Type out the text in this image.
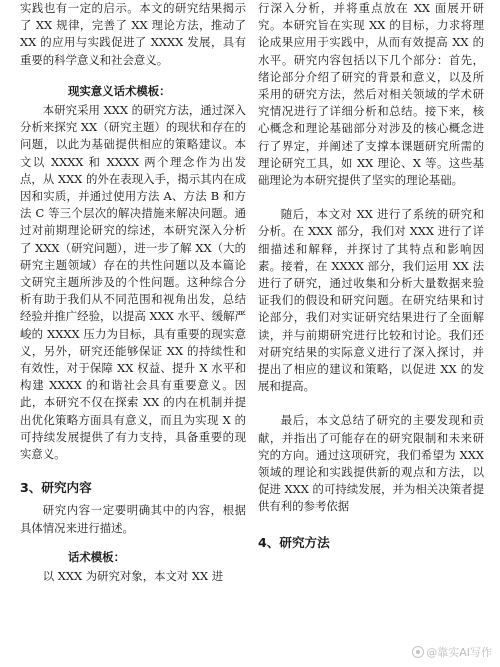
实践也有一定的启示。本文的研究结果揭示了 XX 规律，完善了 XX 理论方法，推动了 XX 的应用与实践促进了 XXXX 发展，具有重要的科学意义和社会意义。

现实意义话术模板：

本研究采用 XXX 的研究方法，通过深入分析来探究 XX（研究主题）的现状和存在的问题，以此为基础提供相应的策略建议。本文以 XXXX 和 XXXX 两个理念作为出发点，从 XXX 的外在表现入手，揭示其内在成因和实质，并通过使用方法 A、方法 B 和方法 C 等三个层次的解决措施来解决问题。通过对前期理论研究的综述，本研究深入分析了 XXX（研究问题），进一步了解 XX（大的研究主题领域）存在的共性问题以及本篇论文研究主题所涉及的个性问题。这种综合分析有助于我们从不同范围和视角出发，总结经验并推广经验，以提高 XXX 水平、缓解严峻的 XXXX 压力为目标，具有重要的现实意义，另外，研究还能够保证 XX 的持续性和有效性，对于保障 XX 权益、提升 X 水平和构建 XXXX 的和谐社会具有重要意义。因此，本研究不仅在探索 XX 的内在机制并提出优化策略方面具有意义，而且为实现 X 的可持续发展提供了有力支持，具备重要的现实意义。

3、研究内容

研究内容一定要明确其中的内容，根据具体情况来进行描述。

话术模板：

以 XXX 为研究对象，本文对 XX 进

行深入分析，并将重点放在 XX 面展开研究。本研究旨在实现 XX 的目标，力求将理论成果应用于实践中，从而有效提高 XX 的水平。研究内容包括以下几个部分：首先，绪论部分介绍了研究的背景和意义，以及所采用的研究方法，然后对相关领域的学术研究情况进行了详细分析和总结。接下来，核心概念和理论基础部分对涉及的核心概念进行了界定，并阐述了支撑本课题研究所需的理论研究工具，如 XX 理论、X 等。这些基础理论为本研究提供了坚实的理论基础。

随后，本文对 XX 进行了系统的研究和分析。在 XXX 部分，我们对 XXX 进行了详细描述和解释，并探讨了其特点和影响因素。接着，在 XXXX 部分，我们运用 XX 法进行了研究，通过收集和分析大量数据来验证我们的假设和研究问题。在研究结果和讨论部分，我们对实证研究结果进行了全面解读，并与前期研究进行比较和讨论。我们还对研究结果的实际意义进行了深入探讨，并提出了相应的建议和策略，以促进 XX 的发展和提高。

最后，本文总结了研究的主要发现和贡献，并指出了可能存在的研究限制和未来研究的方向。通过这项研究，我们希望为 XXX 领域的理论和实践提供新的观点和方法，以促进 XXX 的可持续发展，并为相关决策者提供有利的参考依据

4、研究方法
@靠实AI写作
